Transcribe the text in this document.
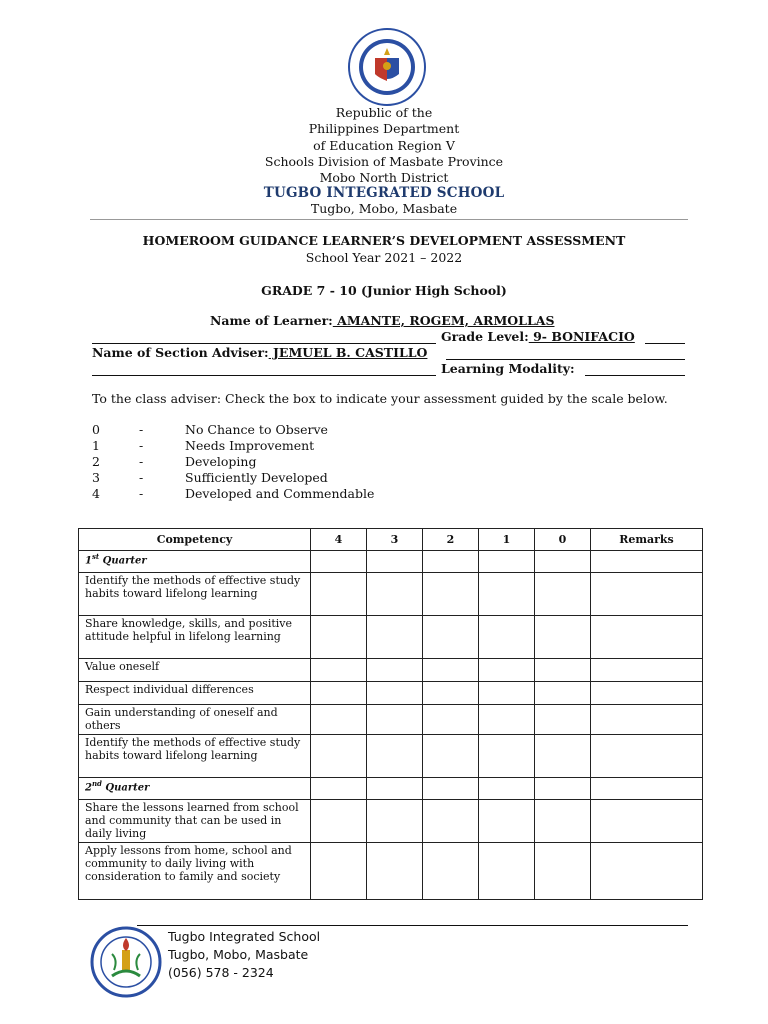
Republic of the
Philippines Department
of Education Region V
Schools Division of Masbate Province
Mobo North District
TUGBO INTEGRATED SCHOOL
Tugbo, Mobo, Masbate
HOMEROOM GUIDANCE LEARNER’S DEVELOPMENT ASSESSMENT
School Year 2021 – 2022
GRADE 7 - 10 (Junior High School)
Name of Learner: AMANTE, ROGEM, ARMOLLAS
Grade Level: 9- BONIFACIO
Name of Section Adviser: JEMUEL B. CASTILLO
Learning Modality:
To the class adviser: Check the box to indicate your assessment guided by the scale below.
0	-	No Chance to Observe
1	-	Needs Improvement
2	-	Developing
3	-	Sufficiently Developed
4	-	Developed and Commendable
Competency	4	3	2	1	0	Remarks
1st Quarter						
Identify the methods of effective study habits toward lifelong learning						
Share knowledge, skills, and positive attitude helpful in lifelong learning						
Value oneself						
Respect individual differences						
Gain understanding of oneself and others						
Identify the methods of effective study habits toward lifelong learning						
2nd Quarter						
Share the lessons learned from school and community that can be used in daily living						
Apply lessons from home, school and community to daily living with consideration to family and society						
Tugbo Integrated School
Tugbo, Mobo, Masbate
(056) 578 - 2324
